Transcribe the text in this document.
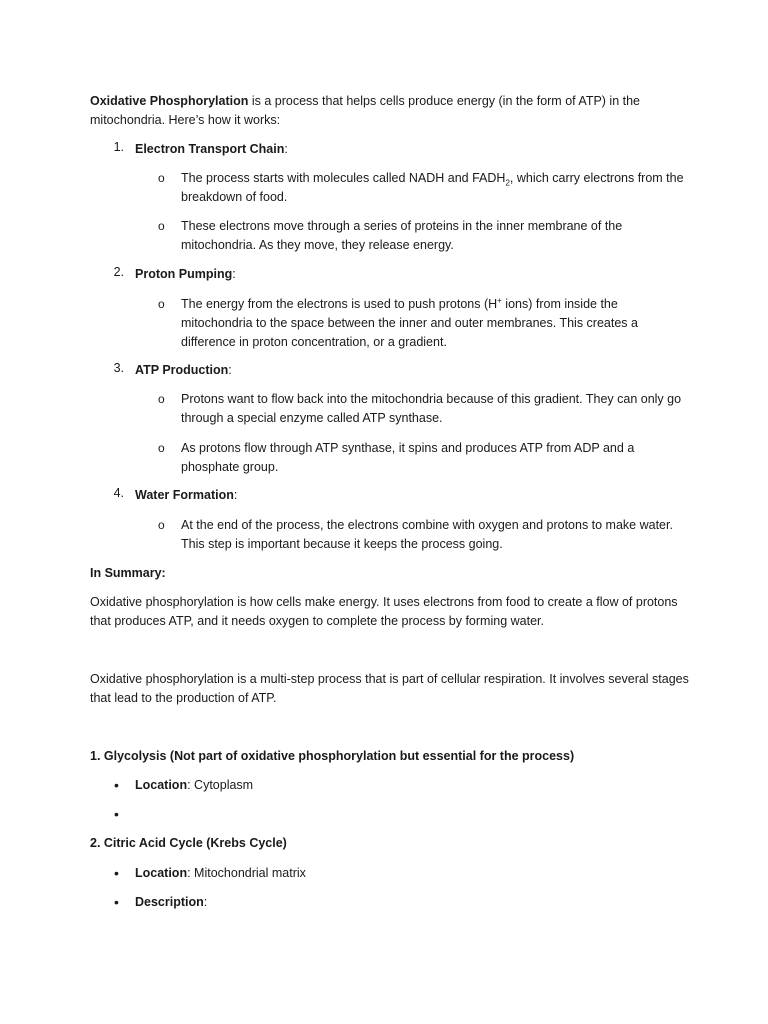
Oxidative Phosphorylation is a process that helps cells produce energy (in the form of ATP) in the mitochondria. Here’s how it works:

1. Electron Transport Chain:

o The process starts with molecules called NADH and $FADH_2$, which carry electrons from the breakdown of food.

o These electrons move through a series of proteins in the inner membrane of the mitochondria. As they move, they release energy.

2. Proton Pumping:

o The energy from the electrons is used to push protons (H+ ions) from inside the mitochondria to the space between the inner and outer membranes. This creates a difference in proton concentration, or a gradient.

3. ATP Production:

o Protons want to flow back into the mitochondria because of this gradient. They can only go through a special enzyme called ATP synthase.

o As protons flow through ATP synthase, it spins and produces ATP from ADP and a phosphate group.

4. Water Formation:

o At the end of the process, the electrons combine with oxygen and protons to make water. This step is important because it keeps the process going.

In Summary:

Oxidative phosphorylation is how cells make energy. It uses electrons from food to create a flow of protons that produces ATP, and it needs oxygen to complete the process by forming water.

Oxidative phosphorylation is a multi-step process that is part of cellular respiration. It involves several stages that lead to the production of ATP.

1. Glycolysis (Not part of oxidative phosphorylation but essential for the process)

• Location: Cytoplasm

•

2. Citric Acid Cycle (Krebs Cycle)

• Location: Mitochondrial matrix

• Description:
